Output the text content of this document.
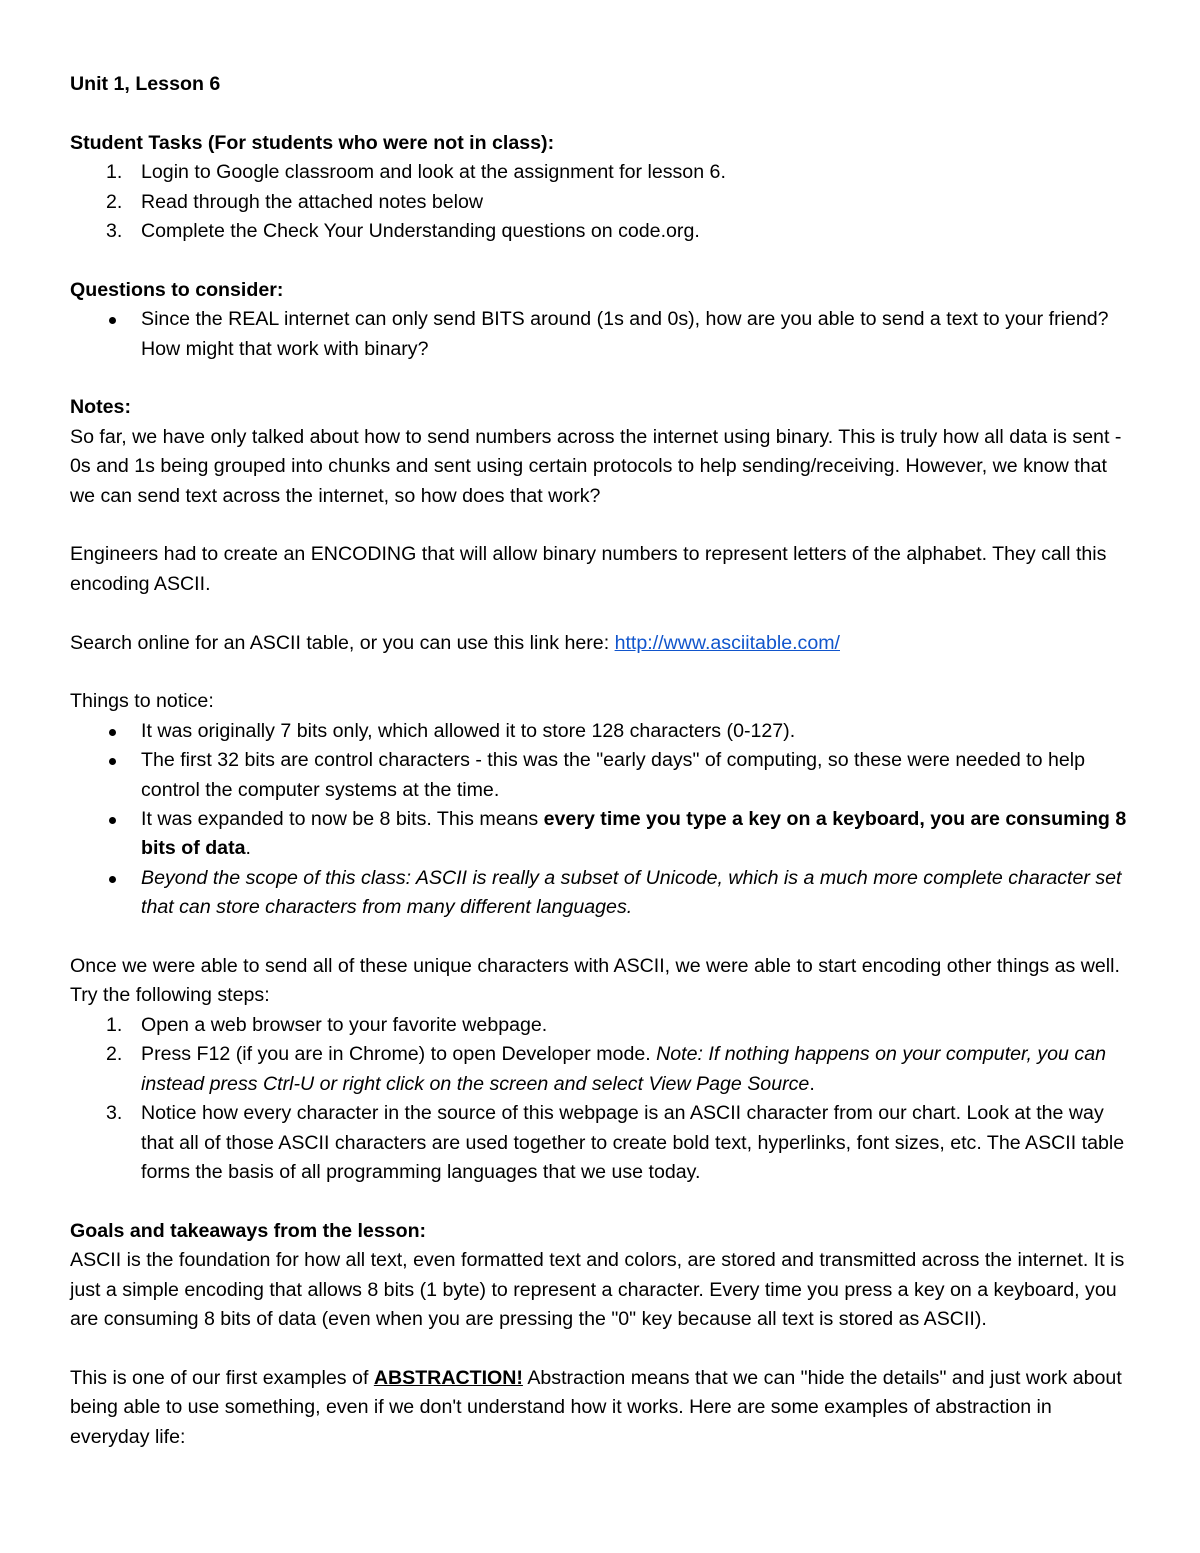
Unit 1, Lesson 6

Student Tasks (For students who were not in class):

1. Login to Google classroom and look at the assignment for lesson 6.
2. Read through the attached notes below
3. Complete the Check Your Understanding questions on code.org.

Questions to consider:

Since the REAL internet can only send BITS around (1s and 0s), how are you able to send a text to your friend? How might that work with binary?

Notes:

So far, we have only talked about how to send numbers across the internet using binary. This is truly how all data is sent - 0s and 1s being grouped into chunks and sent using certain protocols to help sending/receiving. However, we know that we can send text across the internet, so how does that work?

Engineers had to create an ENCODING that will allow binary numbers to represent letters of the alphabet. They call this encoding ASCII.

Search online for an ASCII table, or you can use this link here: http://www.asciitable.com/

Things to notice:

It was originally 7 bits only, which allowed it to store 128 characters (0-127).
The first 32 bits are control characters - this was the "early days" of computing, so these were needed to help control the computer systems at the time.
It was expanded to now be 8 bits. This means every time you type a key on a keyboard, you are consuming 8 bits of data.
Beyond the scope of this class: ASCII is really a subset of Unicode, which is a much more complete character set that can store characters from many different languages.

Once we were able to send all of these unique characters with ASCII, we were able to start encoding other things as well. Try the following steps:

1. Open a web browser to your favorite webpage.
2. Press F12 (if you are in Chrome) to open Developer mode. Note: If nothing happens on your computer, you can instead press Ctrl-U or right click on the screen and select View Page Source.
3. Notice how every character in the source of this webpage is an ASCII character from our chart. Look at the way that all of those ASCII characters are used together to create bold text, hyperlinks, font sizes, etc. The ASCII table forms the basis of all programming languages that we use today.

Goals and takeaways from the lesson:

ASCII is the foundation for how all text, even formatted text and colors, are stored and transmitted across the internet. It is just a simple encoding that allows 8 bits (1 byte) to represent a character. Every time you press a key on a keyboard, you are consuming 8 bits of data (even when you are pressing the "0" key because all text is stored as ASCII).

This is one of our first examples of ABSTRACTION! Abstraction means that we can "hide the details" and just work about being able to use something, even if we don't understand how it works. Here are some examples of abstraction in everyday life:
